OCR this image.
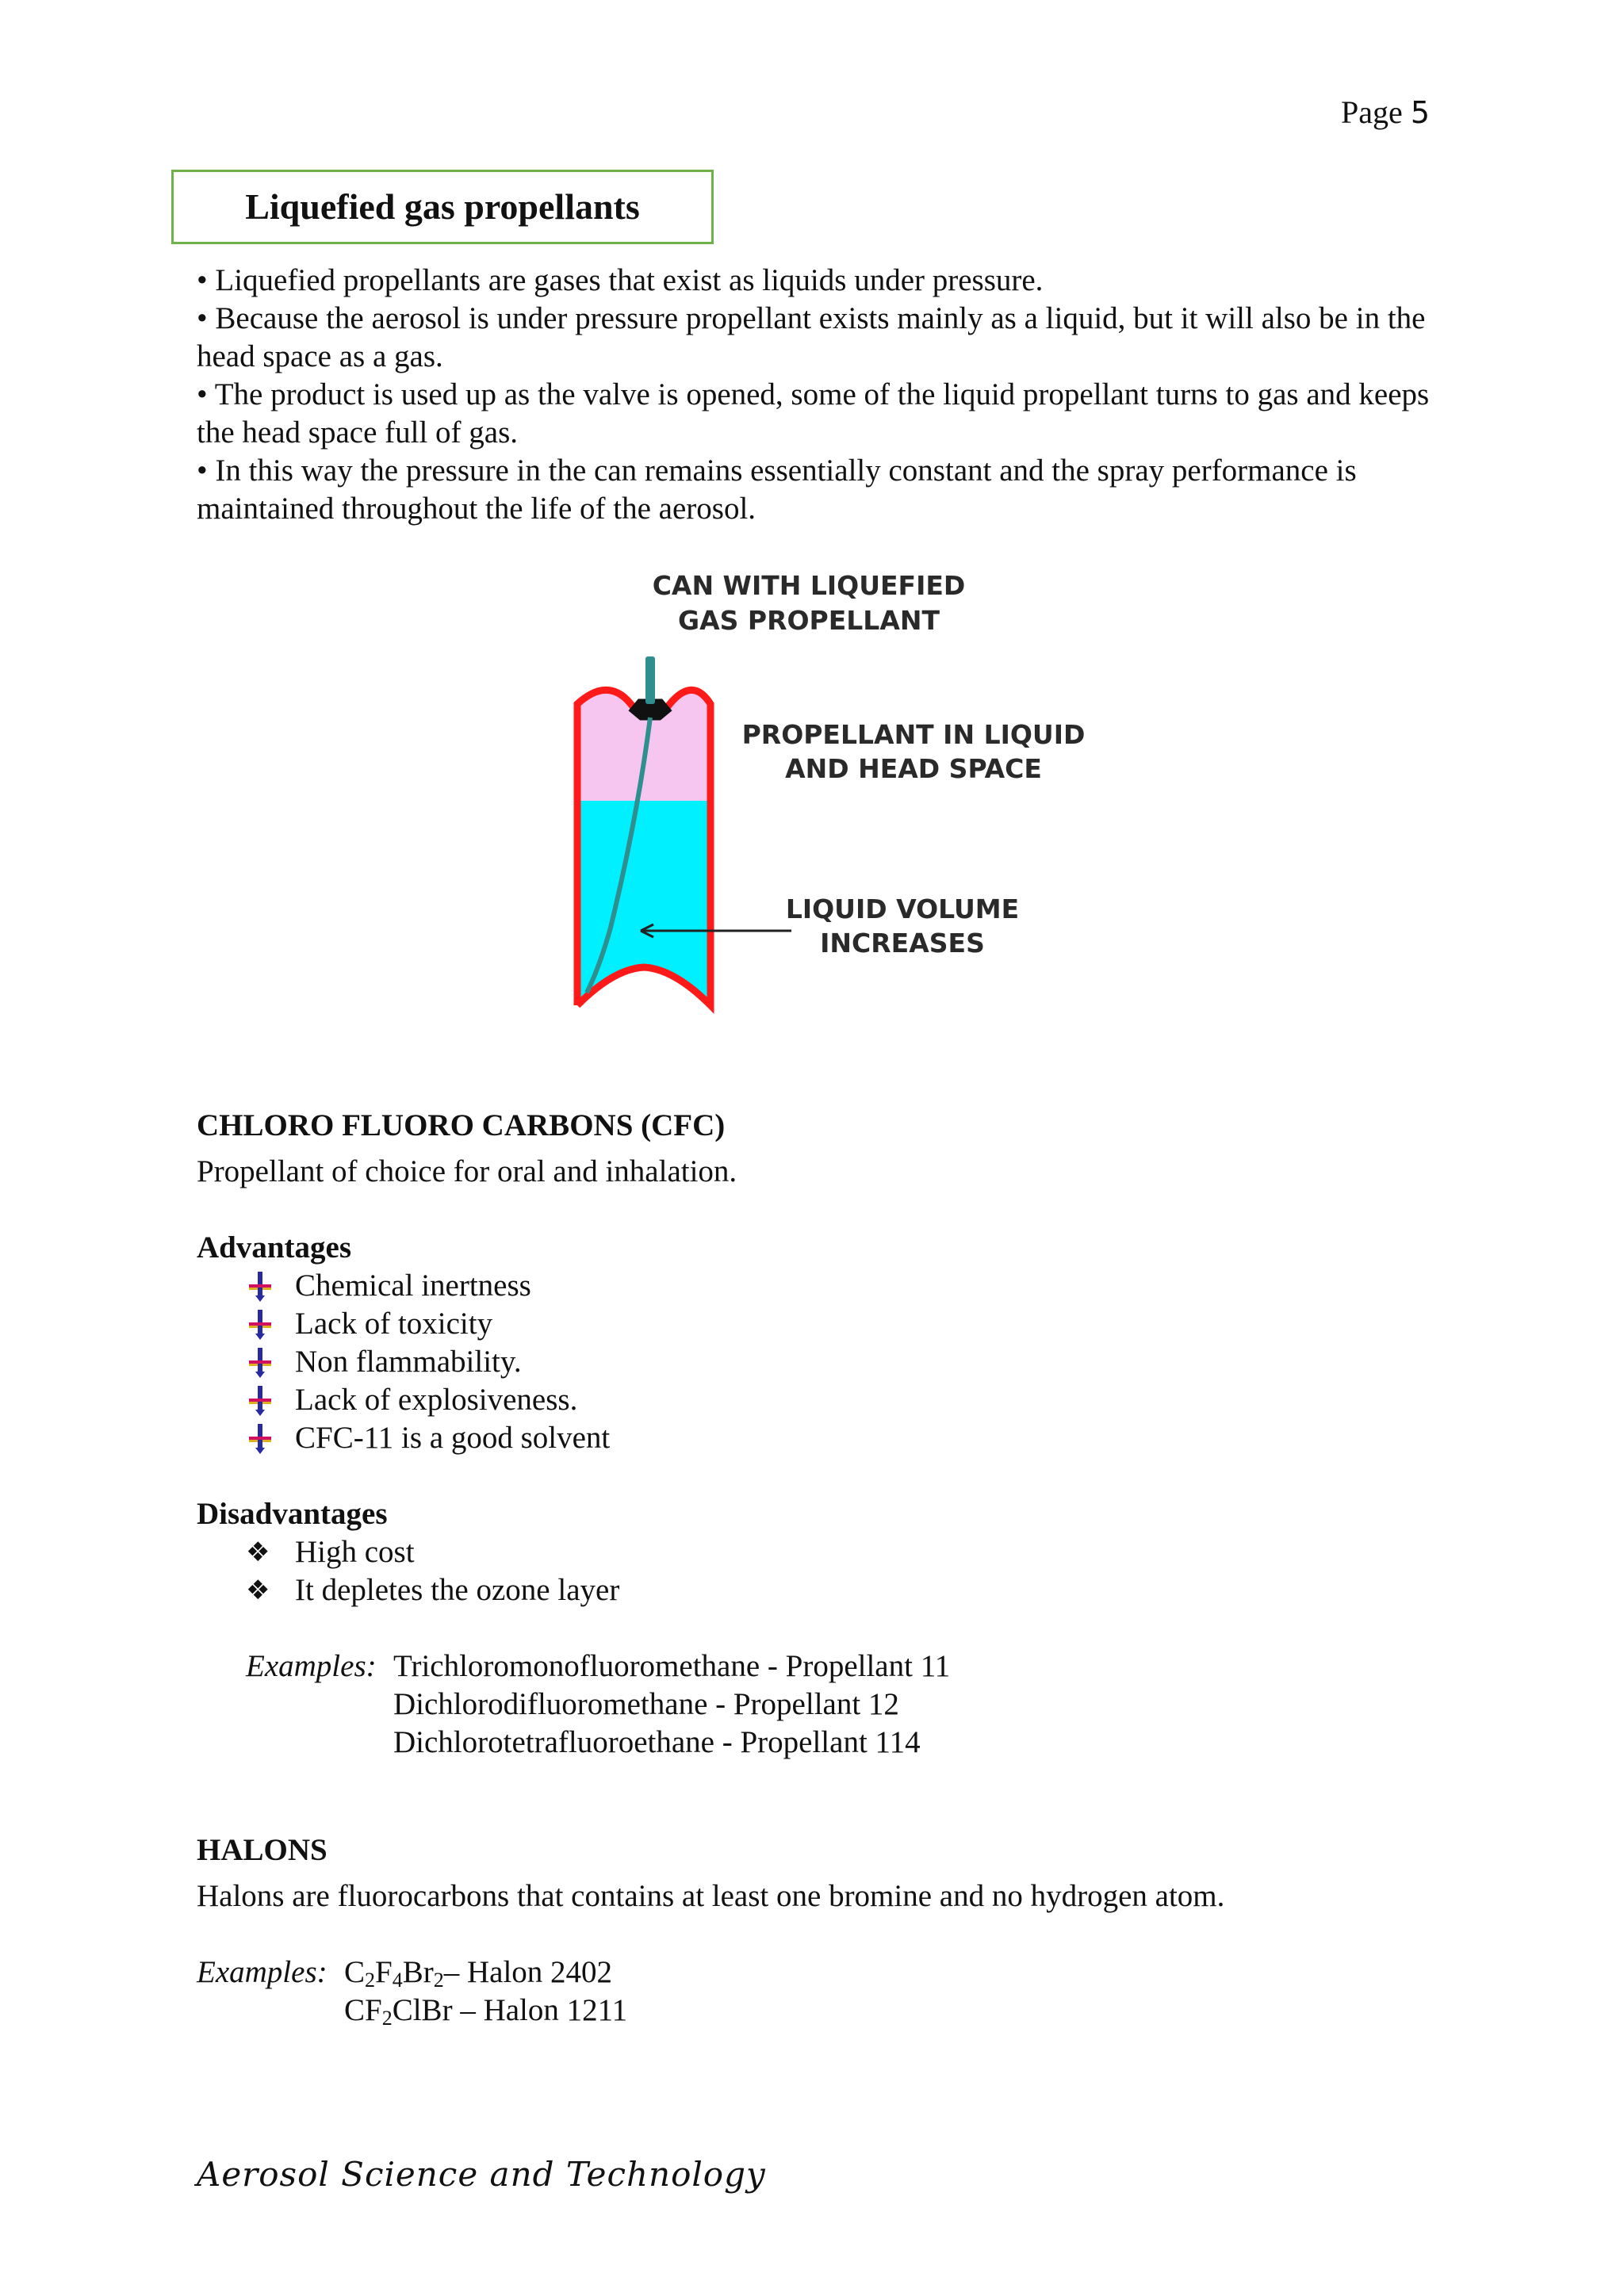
Page 5
Liquefied gas propellants

• Liquefied propellants are gases that exist as liquids under pressure.

• Because the aerosol is under pressure propellant exists mainly as a liquid, but it will also be in the head space as a gas.

• The product is used up as the valve is opened, some of the liquid propellant turns to gas and keeps the head space full of gas.

• In this way the pressure in the can remains essentially constant and the spray performance is maintained throughout the life of the aerosol.

CAN WITH LIQUEFIED
GAS PROPELLANT
PROPELLANT IN LIQUID
AND HEAD SPACE
LIQUID VOLUME
INCREASES
CHLORO FLUORO CARBONS (CFC)
Propellant of choice for oral and inhalation.
Advantages
Chemical inertness
Lack of toxicity
Non flammability.
Lack of explosiveness.
CFC-11 is a good solvent
Disadvantages
❖ High cost
❖ It depletes the ozone layer
Examples: Trichloromonofluoromethane - Propellant 11
Dichlorodifluoromethane - Propellant 12
Dichlorotetrafluoroethane - Propellant 114
HALONS
Halons are fluorocarbons that contains at least one bromine and no hydrogen atom.
Examples: $C_2F_4Br_2-$ Halon 2402
$CF_2ClBr$ – Halon 1211
Aerosol Science and Technology
